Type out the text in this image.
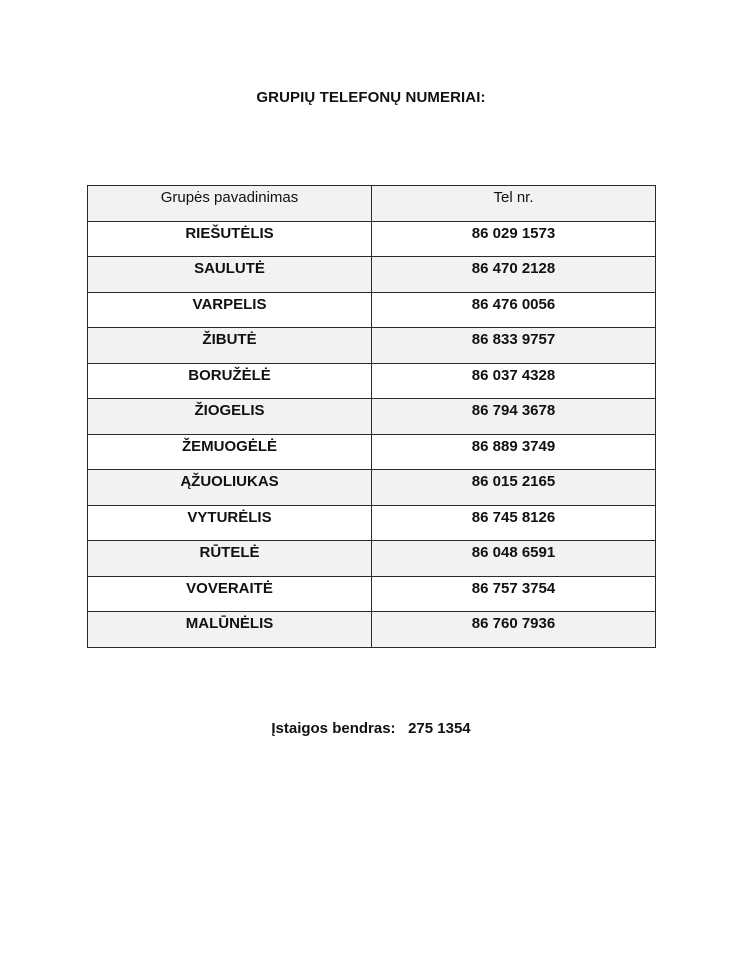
GRUPIŲ TELEFONŲ NUMERIAI:
Grupės pavadinimas	Tel nr.
RIEŠUTĖLIS	86 029 1573
SAULUTĖ	86 470 2128
VARPELIS	86 476 0056
ŽIBUTĖ	86 833 9757
BORUŽĖLĖ	86 037 4328
ŽIOGELIS	86 794 3678
ŽEMUOGĖLĖ	86 889 3749
ĄŽUOLIUKAS	86 015 2165
VYTURĖLIS	86 745 8126
RŪTELĖ	86 048 6591
VOVERAITĖ	86 757 3754
MALŪNĖLIS	86 760 7936
Įstaigos bendras: 275 1354
